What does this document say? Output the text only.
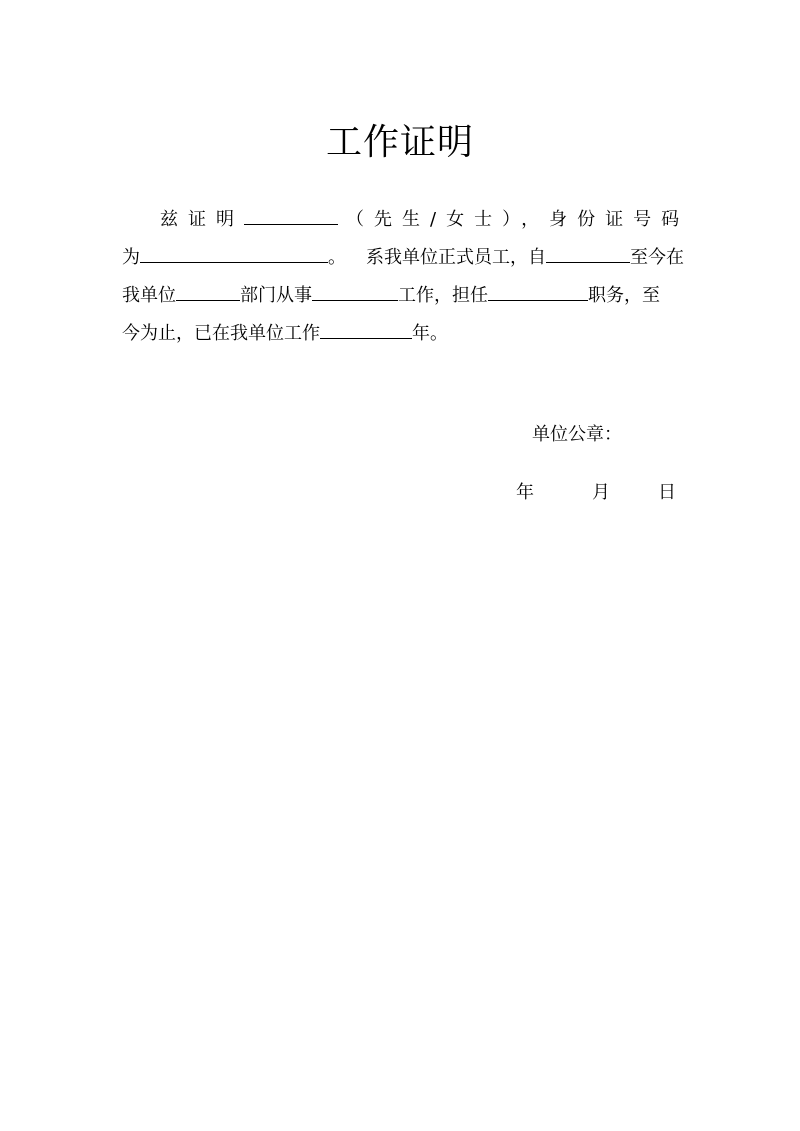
工作证明
兹证明	（先生/女士），身份证号码
为	。 系我单位正式员工，自	至今在
我单位	部门从事	工作，担任	职务，至
今为止，已在我单位工作	年。
单位公章：
年	月	日
